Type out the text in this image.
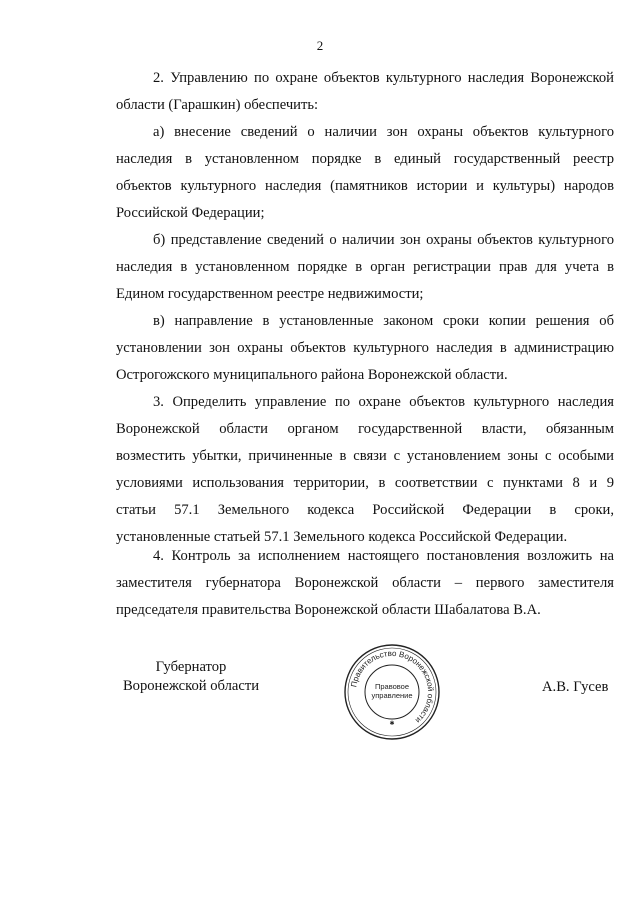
2
2. Управлению по охране объектов культурного наследия Воронежской
области (Гарашкин) обеспечить:
а) внесение сведений о наличии зон охраны объектов культурного
наследия в установленном порядке в единый государственный реестр
объектов культурного наследия (памятников истории и культуры) народов
Российской Федерации;
б) представление сведений о наличии зон охраны объектов культурного
наследия в установленном порядке в орган регистрации прав для учета в
Едином государственном реестре недвижимости;
в) направление в установленные законом сроки копии решения об
установлении зон охраны объектов культурного наследия в администрацию
Острогожского муниципального района Воронежской области.
3. Определить управление по охране объектов культурного наследия
Воронежской области органом государственной власти, обязанным
возместить убытки, причиненные в связи с установлением зоны с особыми
условиями использования территории, в соответствии с пунктами 8 и 9
статьи 57.1 Земельного кодекса Российской Федерации в сроки,
установленные статьей 57.1 Земельного кодекса Российской Федерации.
4. Контроль за исполнением настоящего постановления возложить на
заместителя губернатора Воронежской области – первого заместителя
председателя правительства Воронежской области Шабалатова В.А.
Губернатор
Воронежской области	Правительство Воронежской области
Правовое
управление
✱
А.В. Гусев
